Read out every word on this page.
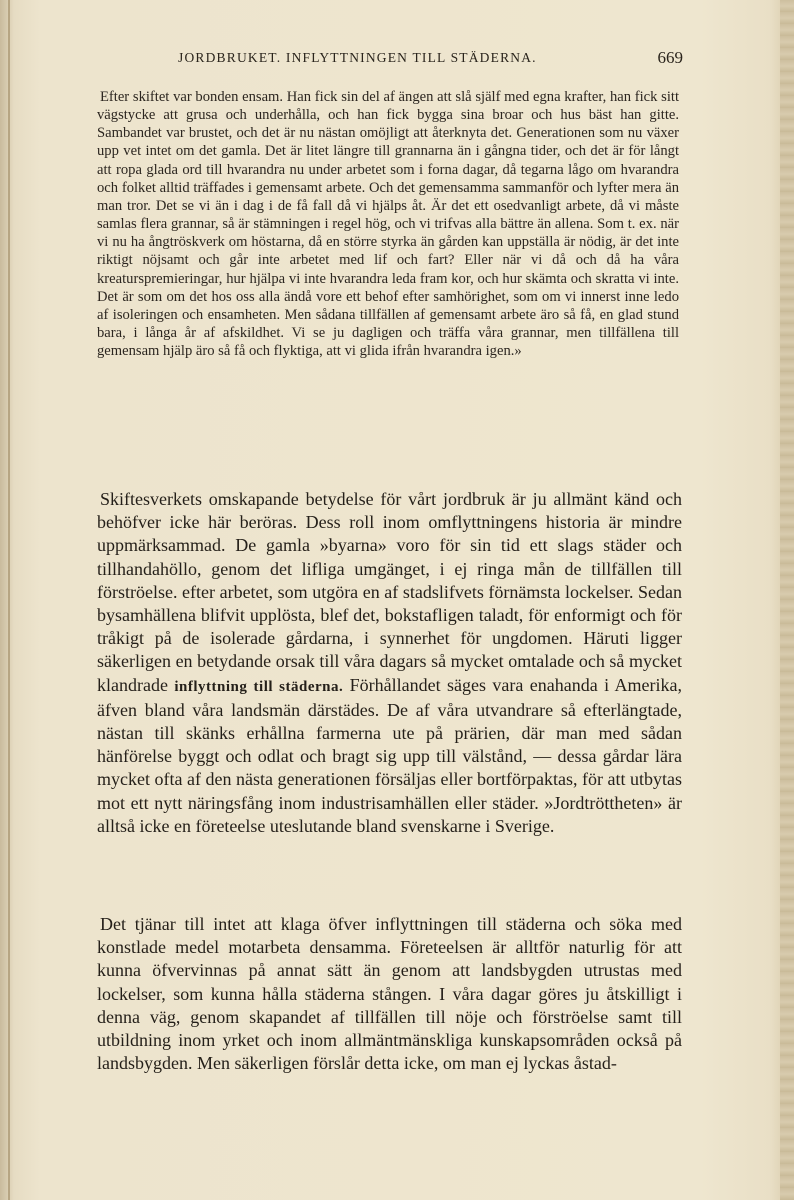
JORDBRUKET. INFLYTTNINGEN TILL STÄDERNA.	669

Efter skiftet var bonden ensam. Han fick sin del af ängen att slå själf med egna krafter, han fick sitt vägstycke att grusa och underhålla, och han fick bygga sina broar och hus bäst han gitte. Sambandet var brustet, och det är nu nästan omöjligt att återknyta det. Generationen som nu växer upp vet intet om det gamla. Det är litet längre till grannarna än i gångna tider, och det är för långt att ropa glada ord till hvarandra nu under arbetet som i forna dagar, då tegarna lågo om hvarandra och folket alltid träffades i gemensamt arbete. Och det gemensamma sammanför och lyfter mera än man tror. Det se vi än i dag i de få fall då vi hjälps åt. Är det ett osedvanligt arbete, då vi måste samlas flera grannar, så är stämningen i regel hög, och vi trifvas alla bättre än allena. Som t. ex. när vi nu ha ångtröskverk om höstarna, då en större styrka än gården kan uppställa är nödig, är det inte riktigt nöjsamt och går inte arbetet med lif och fart? Eller när vi då och då ha våra kreaturspremieringar, hur hjälpa vi inte hvarandra leda fram kor, och hur skämta och skratta vi inte. Det är som om det hos oss alla ändå vore ett behof efter samhörighet, som om vi innerst inne ledo af isoleringen och ensamheten. Men sådana tillfällen af gemensamt arbete äro så få, en glad stund bara, i långa år af afskildhet. Vi se ju dagligen och träffa våra grannar, men tillfällena till gemensam hjälp äro så få och flyktiga, att vi glida ifrån hvarandra igen.»

Skiftesverkets omskapande betydelse för vårt jordbruk är ju allmänt känd och behöfver icke här beröras. Dess roll inom omflyttningens historia är mindre uppmärksammad. De gamla »byarna» voro för sin tid ett slags städer och tillhandahöllo, genom det lifliga umgänget, i ej ringa mån de tillfällen till förströelse. efter arbetet, som utgöra en af stadslifvets förnämsta lockelser. Sedan bysamhällena blifvit upplösta, blef det, bokstafligen taladt, för enformigt och för tråkigt på de isolerade gårdarna, i synnerhet för ungdomen. Häruti ligger säkerligen en betydande orsak till våra dagars så mycket omtalade och så mycket klandrade inflyttning till städerna. Förhållandet säges vara enahanda i Amerika, äfven bland våra landsmän därstädes. De af våra utvandrare så efterlängtade, nästan till skänks erhållna farmerna ute på prärien, där man med sådan hänförelse byggt och odlat och bragt sig upp till välstånd, — dessa gårdar lära mycket ofta af den nästa generationen försäljas eller bortförpaktas, för att utbytas mot ett nytt näringsfång inom industrisamhällen eller städer. »Jordtröttheten» är alltså icke en företeelse uteslutande bland svenskarne i Sverige.

Det tjänar till intet att klaga öfver inflyttningen till städerna och söka med konstlade medel motarbeta densamma. Företeelsen är alltför naturlig för att kunna öfvervinnas på annat sätt än genom att landsbygden utrustas med lockelser, som kunna hålla städerna stången. I våra dagar göres ju åtskilligt i denna väg, genom skapandet af tillfällen till nöje och förströelse samt till utbildning inom yrket och inom allmäntmänskliga kunskapsområden också på landsbygden. Men säkerligen förslår detta icke, om man ej lyckas åstad-
